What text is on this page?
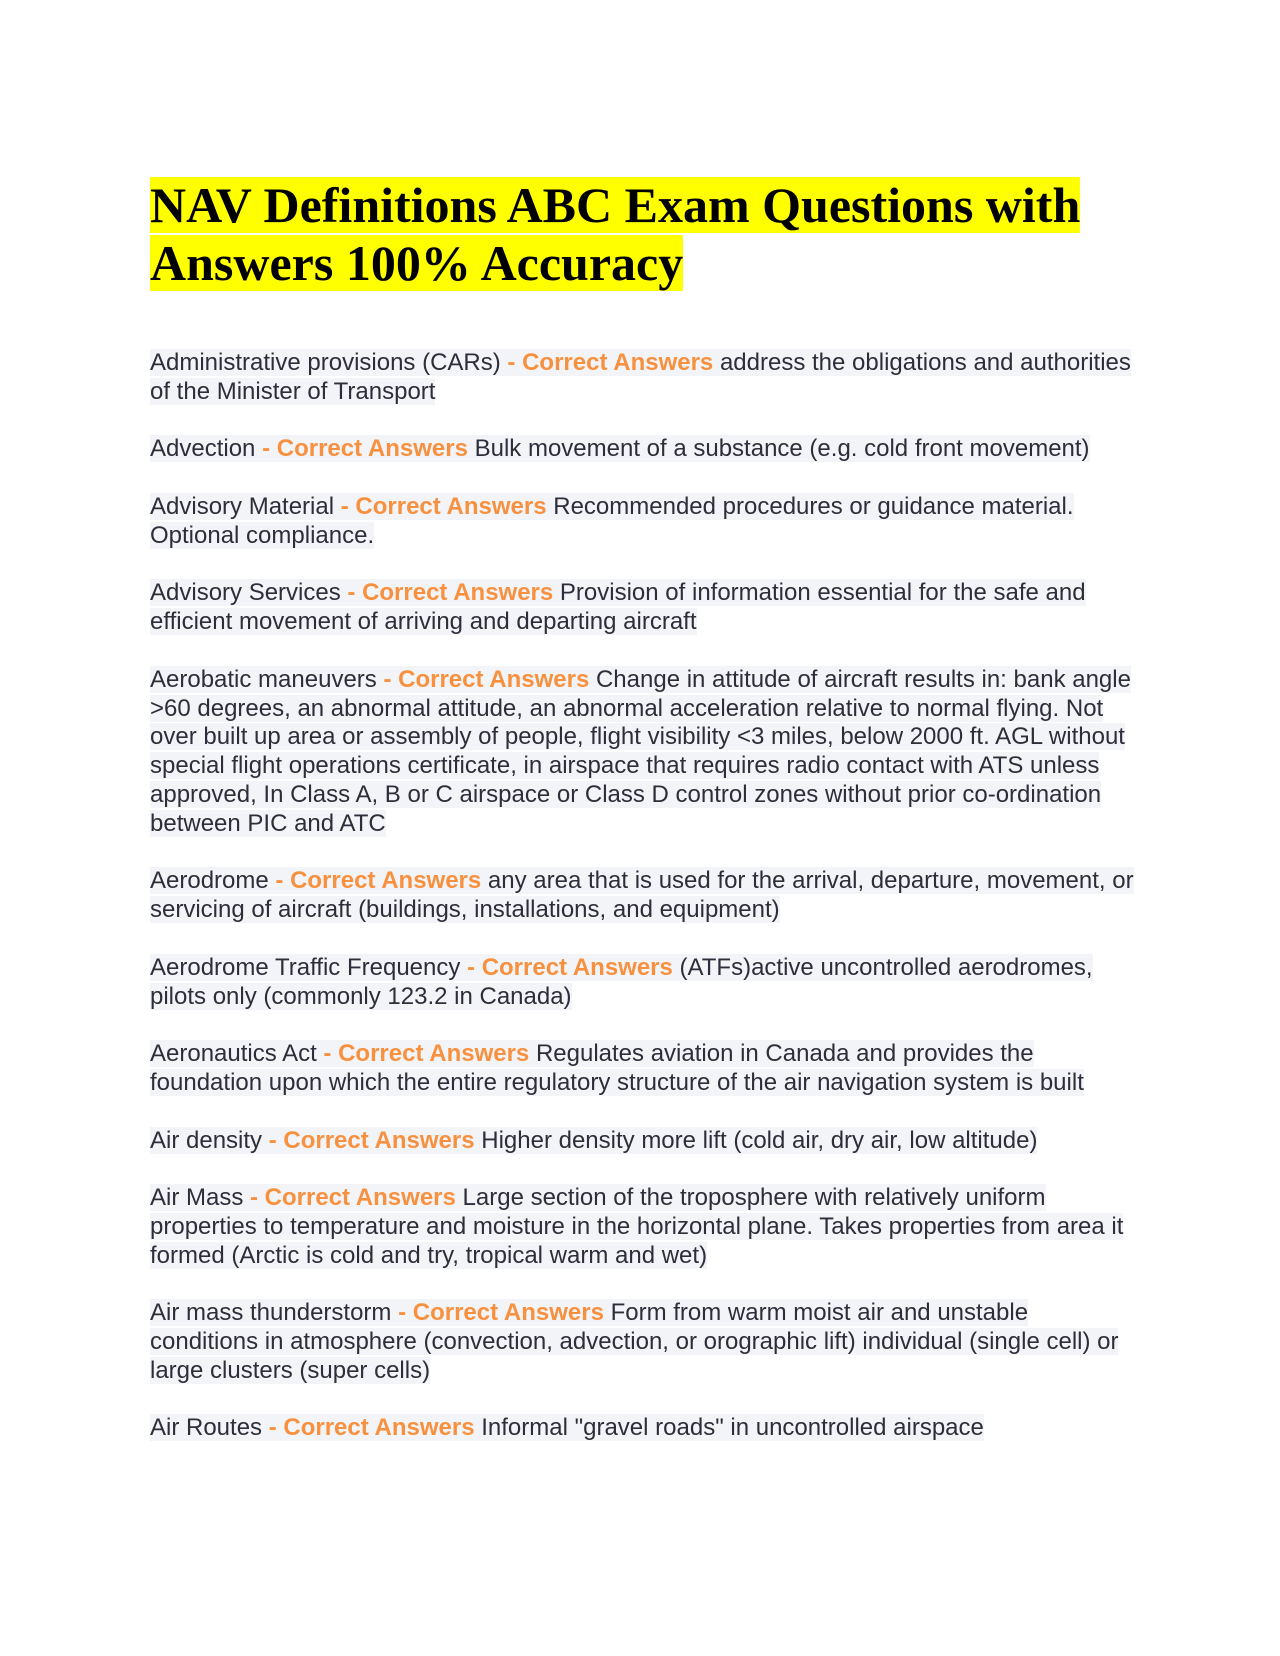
NAV Definitions ABC Exam Questions with Answers 100% Accuracy

Administrative provisions (CARs) - Correct Answers address the obligations and authorities of the Minister of Transport

Advection - Correct Answers Bulk movement of a substance (e.g. cold front movement)

Advisory Material - Correct Answers Recommended procedures or guidance material. Optional compliance.

Advisory Services - Correct Answers Provision of information essential for the safe and efficient movement of arriving and departing aircraft

Aerobatic maneuvers - Correct Answers Change in attitude of aircraft results in: bank angle >60 degrees, an abnormal attitude, an abnormal acceleration relative to normal flying. Not over built up area or assembly of people, flight visibility <3 miles, below 2000 ft. AGL without special flight operations certificate, in airspace that requires radio contact with ATS unless approved, In Class A, B or C airspace or Class D control zones without prior co-ordination between PIC and ATC

Aerodrome - Correct Answers any area that is used for the arrival, departure, movement, or servicing of aircraft (buildings, installations, and equipment)

Aerodrome Traffic Frequency - Correct Answers (ATFs)active uncontrolled aerodromes, pilots only (commonly 123.2 in Canada)

Aeronautics Act - Correct Answers Regulates aviation in Canada and provides the foundation upon which the entire regulatory structure of the air navigation system is built

Air density - Correct Answers Higher density more lift (cold air, dry air, low altitude)

Air Mass - Correct Answers Large section of the troposphere with relatively uniform properties to temperature and moisture in the horizontal plane. Takes properties from area it formed (Arctic is cold and try, tropical warm and wet)

Air mass thunderstorm - Correct Answers Form from warm moist air and unstable conditions in atmosphere (convection, advection, or orographic lift) individual (single cell) or large clusters (super cells)

Air Routes - Correct Answers Informal "gravel roads" in uncontrolled airspace
